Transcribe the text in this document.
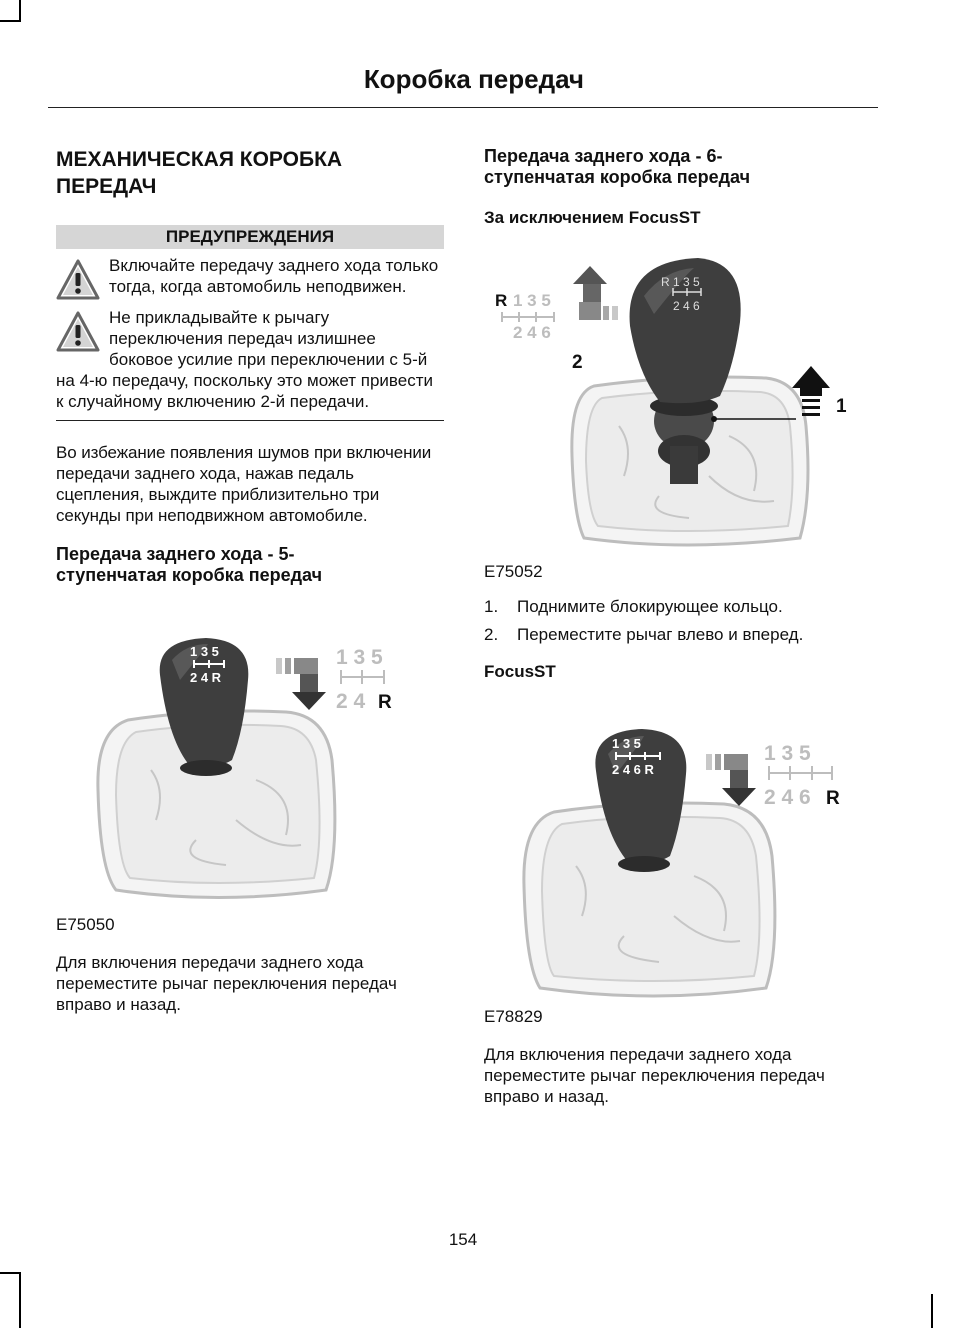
Коробка передач
МЕХАНИЧЕСКАЯ КОРОБКА ПЕРЕДАЧ
ПРЕДУПРЕЖДЕНИЯ
Включайте передачу заднего хода только тогда, когда автомобиль неподвижен.
Не прикладывайте к рычагу переключения передач излишнее боковое усилие при переключении с 5-й на 4-ю передачу, поскольку это может привести к случайному включению 2-й передачи.
Во избежание появления шумов при включении передачи заднего хода, нажав педаль сцепления, выждите приблизительно три секунды при неподвижном автомобиле.
Передача заднего хода - 5-ступенчатая коробка передач
1 3 5
2 4 R
1 3 5
2 4 R
E75050
Для включения передачи заднего хода переместите рычаг переключения передач вправо и назад.
Передача заднего хода - 6-ступенчатая коробка передач
За исключением FocusST
R 1 3 5
2 4 6
R 1 3 5
2 4 6
2
1
E75052
1. Поднимите блокирующее кольцо.
2. Переместите рычаг влево и вперед.
FocusST
1 3 5
2 4 6 R
1 3 5
2 4 6 R
E78829
Для включения передачи заднего хода переместите рычаг переключения передач вправо и назад.
154
